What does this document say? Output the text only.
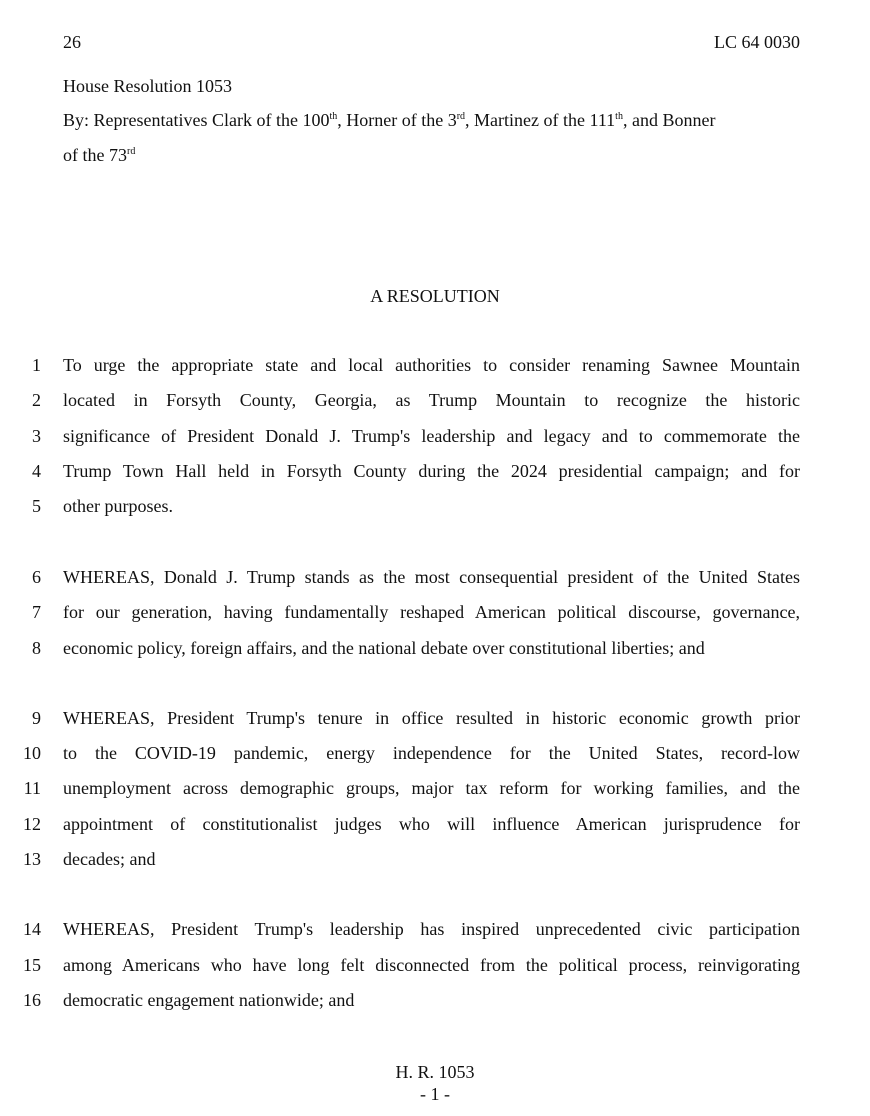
26	LC 64 0030
House Resolution 1053
By: Representatives Clark of the 100th, Horner of the 3rd, Martinez of the 111th, and Bonner
of the 73rd
A RESOLUTION
1 To urge the appropriate state and local authorities to consider renaming Sawnee Mountain
2 located in Forsyth County, Georgia, as Trump Mountain to recognize the historic
3 significance of President Donald J. Trump's leadership and legacy and to commemorate the
4 Trump Town Hall held in Forsyth County during the 2024 presidential campaign; and for
5 other purposes.
6 WHEREAS, Donald J. Trump stands as the most consequential president of the United States
7 for our generation, having fundamentally reshaped American political discourse, governance,
8 economic policy, foreign affairs, and the national debate over constitutional liberties; and
9 WHEREAS, President Trump's tenure in office resulted in historic economic growth prior
10 to the COVID-19 pandemic, energy independence for the United States, record-low
11 unemployment across demographic groups, major tax reform for working families, and the
12 appointment of constitutionalist judges who will influence American jurisprudence for
13 decades; and
14 WHEREAS, President Trump's leadership has inspired unprecedented civic participation
15 among Americans who have long felt disconnected from the political process, reinvigorating
16 democratic engagement nationwide; and
H. R. 1053
- 1 -
